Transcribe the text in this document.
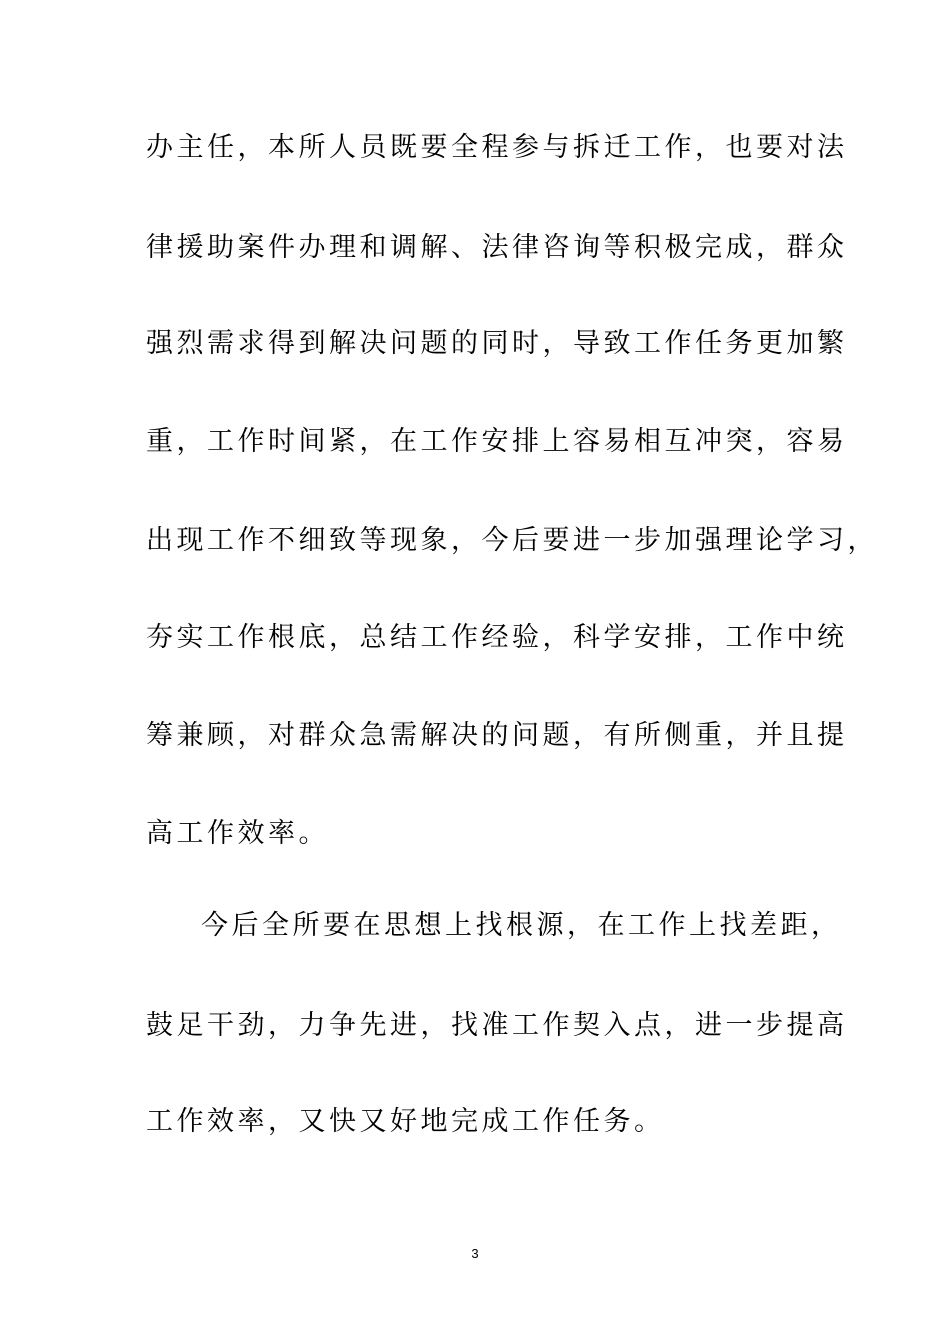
办主任，本所人员既要全程参与拆迁工作，也要对法
律援助案件办理和调解、法律咨询等积极完成，群众
强烈需求得到解决问题的同时，导致工作任务更加繁
重，工作时间紧，在工作安排上容易相互冲突，容易
出现工作不细致等现象，今后要进一步加强理论学习，
夯实工作根底，总结工作经验，科学安排，工作中统
筹兼顾，对群众急需解决的问题，有所侧重，并且提
高工作效率。
今后全所要在思想上找根源，在工作上找差距，
鼓足干劲，力争先进，找准工作契入点，进一步提高
工作效率，又快又好地完成工作任务。
3
